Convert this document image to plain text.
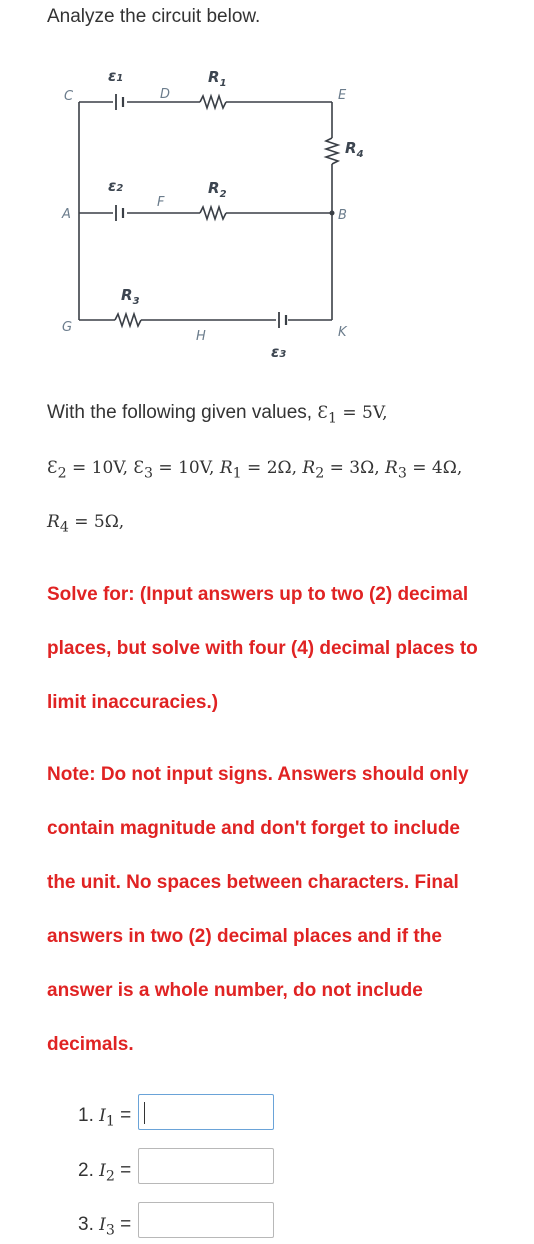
Analyze the circuit below.
C	D	E
A
F
B
G
H	K
ε1
ε2
ε3
$R_1$
$R_2$
$R_3$
$R_4$
With the following given values, $Ɛ_1 = 5V$,
$Ɛ_2 = 10V$, $Ɛ_3 = 10V$, $R_1 = 2\Omega$, $R_2 = 3\Omega$, $R_3 = 4\Omega$,
$R_4 = 5\Omega$,
Solve for: (Input answers up to two (2) decimal
places, but solve with four (4) decimal places to
limit inaccuracies.)
Note: Do not input signs. Answers should only
contain magnitude and don't forget to include
the unit. No spaces between characters. Final
answers in two (2) decimal places and if the
answer is a whole number, do not include
decimals.
1. $I_1$ =
2. $I_2$ =
3. $I_3$ =
